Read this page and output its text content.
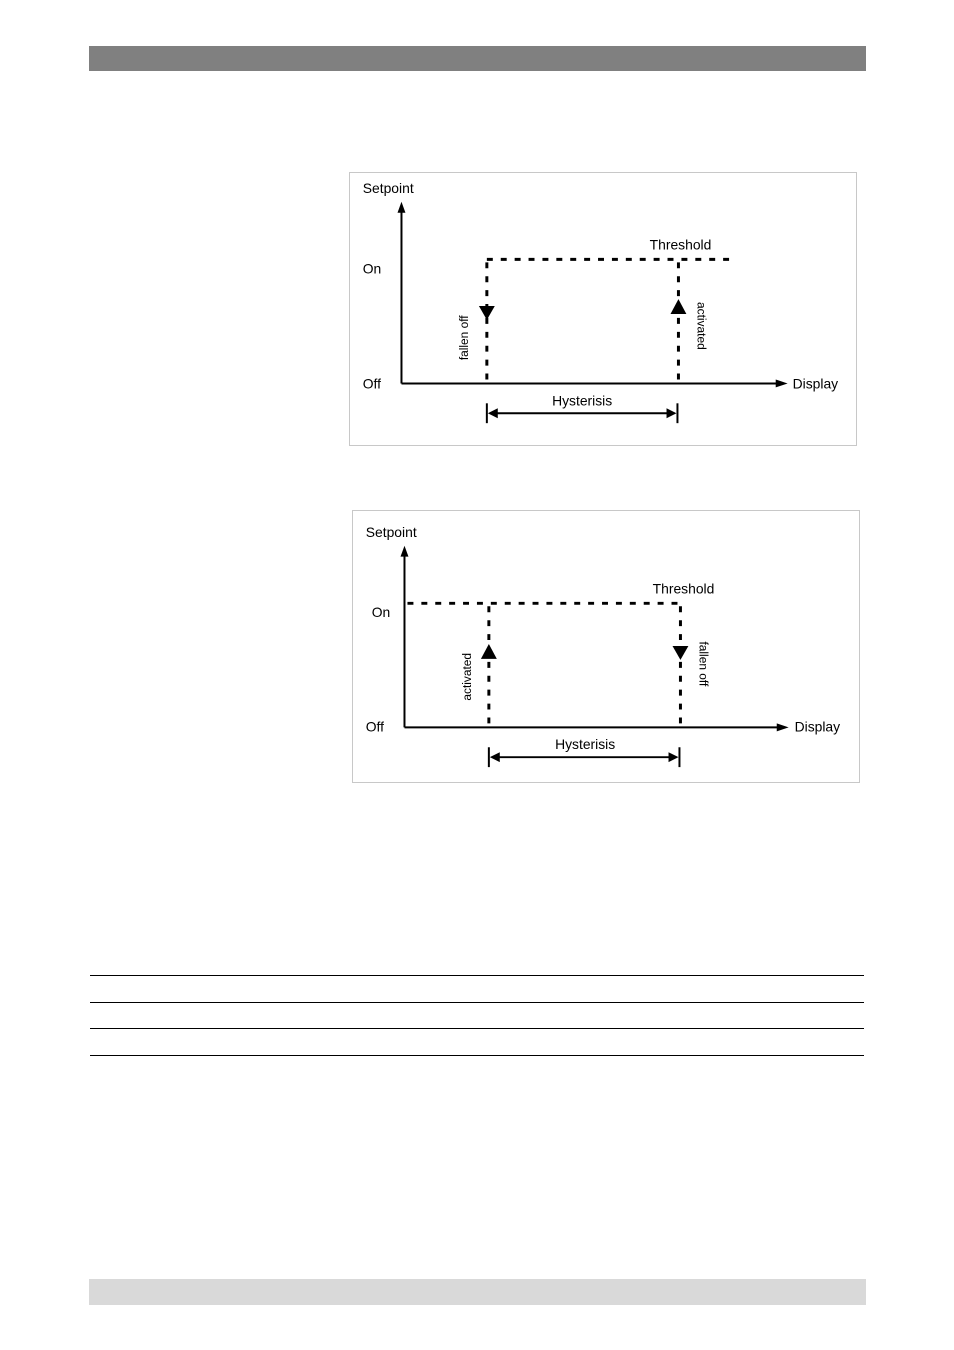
Setpoint
Display
On
Off
Threshold
fallen off	activated
Hysterisis
Setpoint
Display
On
Off
Threshold
activated	fallen off
Hysterisis
